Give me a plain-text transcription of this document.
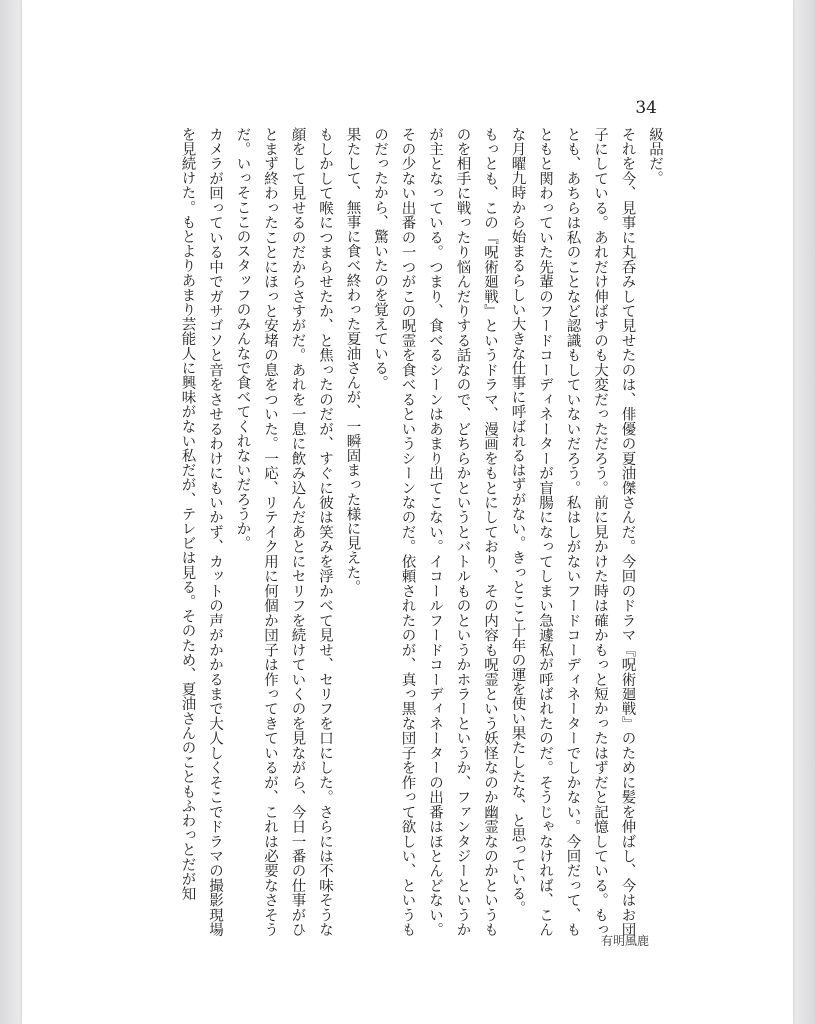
34

級品だ。

それを今、見事に丸呑みして見せたのは、俳優の夏油傑さんだ。今回のドラマ『呪術廻戦』のために髪を伸ばし、今はお団子にしている。あれだけ伸ばすのも大変だっただろう。前に見かけた時は確かもっと短かったはずだと記憶している。もっとも、あちらは私のことなど認識もしていないだろう。私はしがないフードコーディネーターでしかない。今回だって、もともと関わっていた先輩のフードコーディネーターが盲腸になってしまい急遽私が呼ばれたのだ。そうじゃなければ、こんな月曜九時から始まるらしい大きな仕事に呼ばれるはずがない。きっとここ十年の運を使い果たしたな、と思っている。

もっとも、この『呪術廻戦』というドラマ、漫画をもとにしており、その内容も呪霊という妖怪なのか幽霊なのかというものを相手に戦ったり悩んだりする話なので、どちらかというとバトルものというかホラーというか、ファンタジーというかが主となっている。つまり、食べるシーンはあまり出てこない。イコールフードコーディネーターの出番はほとんどない。その少ない出番の一つがこの呪霊を食べるというシーンなのだ。依頼されたのが、真っ黒な団子を作って欲しい、というものだったから、驚いたのを覚えている。

果たして、無事に食べ終わった夏油さんが、一瞬固まった様に見えた。

もしかして喉につまらせたか、と焦ったのだが、すぐに彼は笑みを浮かべて見せ、セリフを口にした。さらには不味そうな顔をして見せるのだからさすがだ。あれを一息に飲み込んだあとにセリフを続けていくのを見ながら、今日一番の仕事がひとまず終わったことにほっと安堵の息をついた。一応、リテイク用に何個か団子は作ってきているが、これは必要なさそうだ。いっそここのスタッフのみんなで食べてくれないだろうか。

カメラが回っている中でガサゴソと音をさせるわけにもいかず、カットの声がかかるまで大人しくそこでドラマの撮影現場を見続けた。もとよりあまり芸能人に興味がない私だが、テレビは見る。そのため、夏油さんのこともふわっとだが知

有明風鹿
